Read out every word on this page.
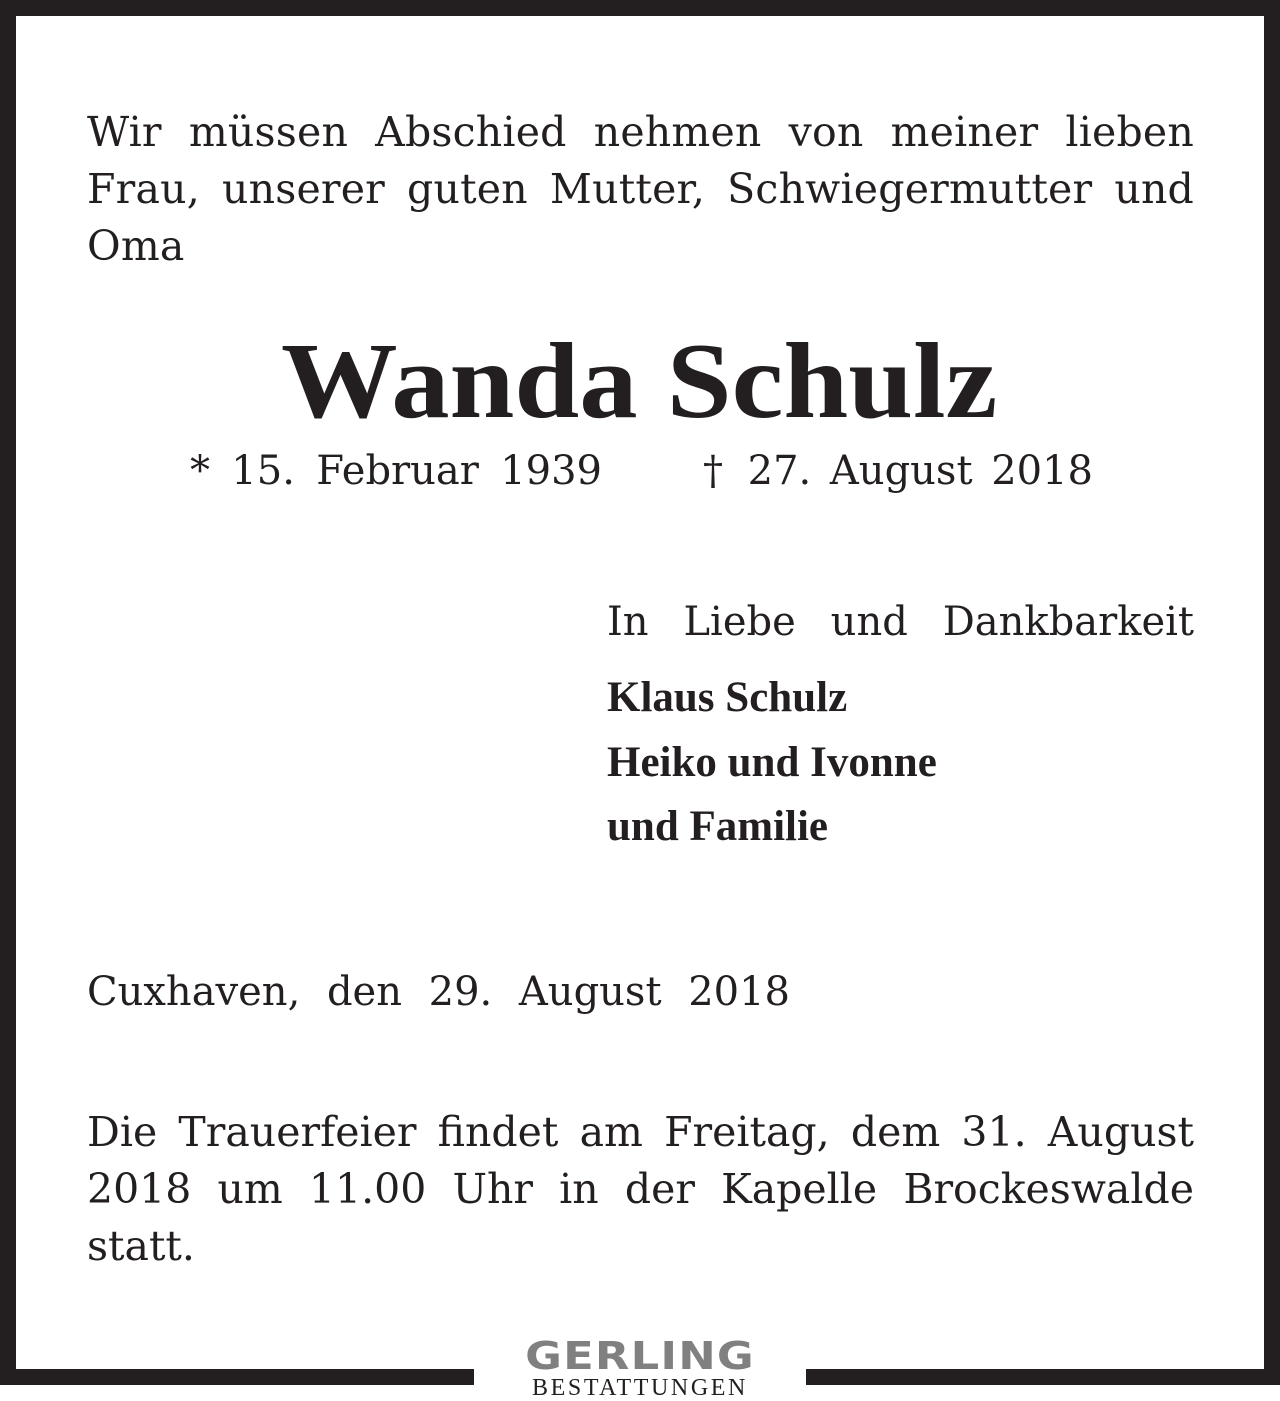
Wir müssen Abschied nehmen von meiner lieben
Frau, unserer guten Mutter, Schwiegermutter und
Oma
Wanda Schulz
* 15. Februar 1939	† 27. August 2018
In Liebe und Dankbarkeit
Klaus Schulz
Heiko und Ivonne
und Familie
Cuxhaven, den 29. August 2018
Die Trauerfeier findet am Freitag, dem 31. August
2018 um 11.00 Uhr in der Kapelle Brockeswalde
statt.
GERLING
BESTATTUNGEN
